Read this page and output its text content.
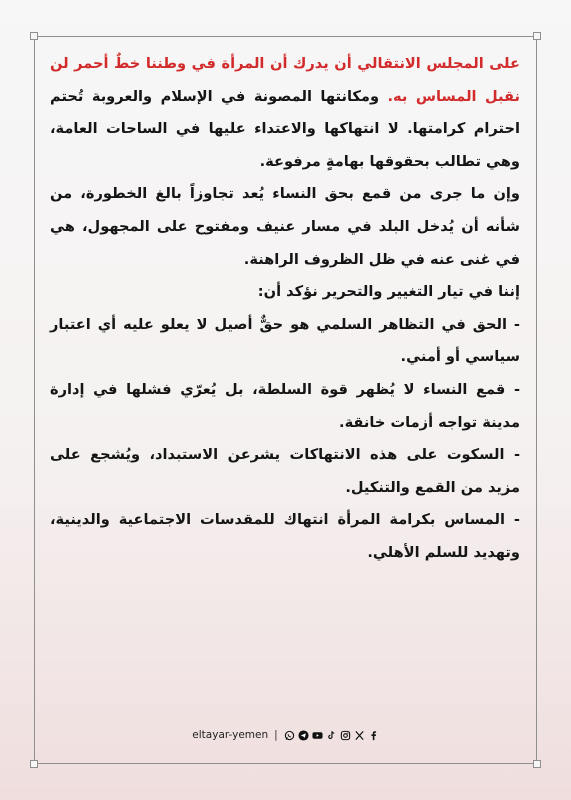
على المجلس الانتقالي أن يدرك أن المرأة في وطننا خطٌ أحمر لن نقبل المساس به. ومكانتها المصونة في الإسلام والعروبة تُحتم احترام كرامتها. لا انتهاكها والاعتداء عليها في الساحات العامة، وهي تطالب بحقوقها بهامةٍ مرفوعة.

وإن ما جرى من قمع بحق النساء يُعد تجاوزاً بالغ الخطورة، من شأنه أن يُدخل البلد في مسار عنيف ومفتوح على المجهول، هي في غنى عنه في ظل الظروف الراهنة.

إننا في تيار التغيير والتحرير نؤكد أن:

- الحق في التظاهر السلمي هو حقٌّ أصيل لا يعلو عليه أي اعتبار سياسي أو أمني.

- قمع النساء لا يُظهر قوة السلطة، بل يُعرّي فشلها في إدارة مدينة تواجه أزمات خانقة.

- السكوت على هذه الانتهاكات يشرعن الاستبداد، ويُشجع على مزيد من القمع والتنكيل.

- المساس بكرامة المرأة انتهاك للمقدسات الاجتماعية والدينية، وتهديد للسلم الأهلي.

eltayar-yemen |
